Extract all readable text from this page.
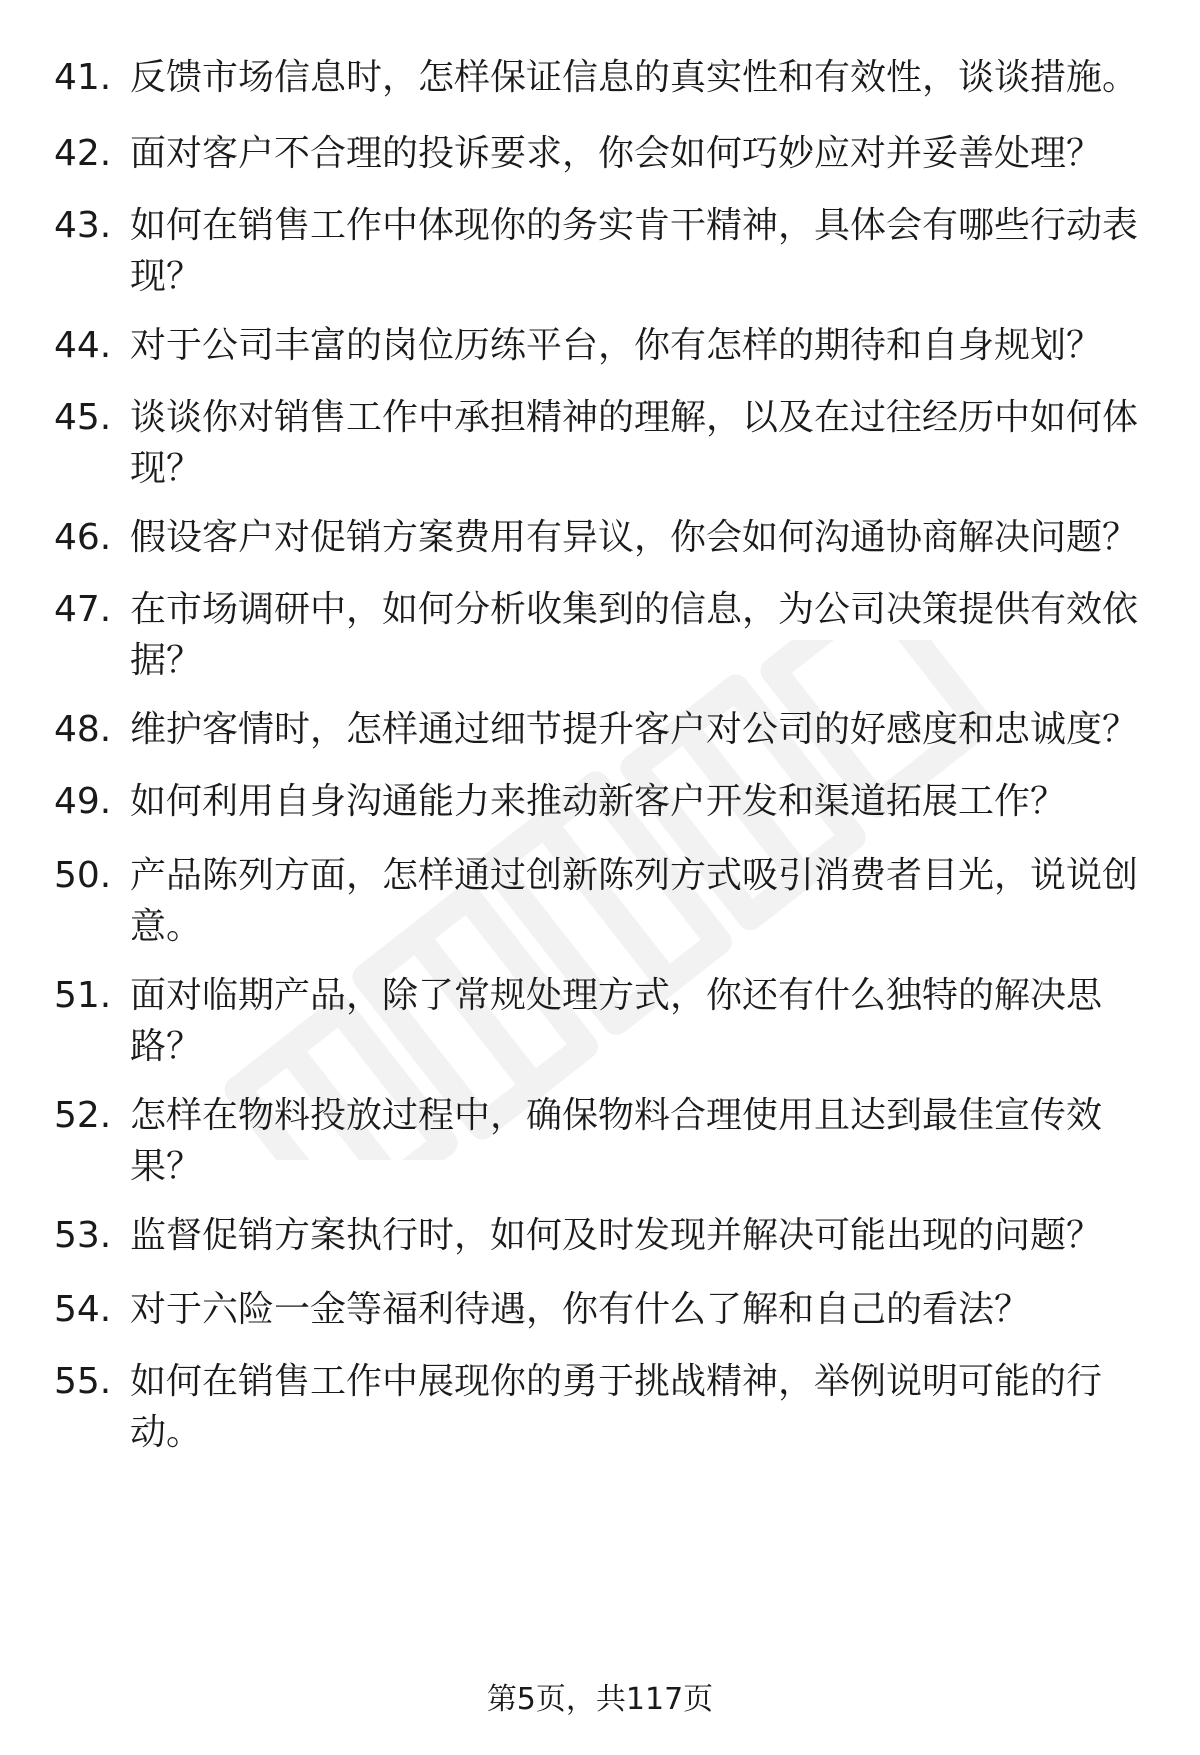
41. 反馈市场信息时，怎样保证信息的真实性和有效性，谈谈措施。
42. 面对客户不合理的投诉要求，你会如何巧妙应对并妥善处理？
43. 如何在销售工作中体现你的务实肯干精神，具体会有哪些行动表现？
44. 对于公司丰富的岗位历练平台，你有怎样的期待和自身规划？
45. 谈谈你对销售工作中承担精神的理解，以及在过往经历中如何体现？
46. 假设客户对促销方案费用有异议，你会如何沟通协商解决问题？
47. 在市场调研中，如何分析收集到的信息，为公司决策提供有效依据？
48. 维护客情时，怎样通过细节提升客户对公司的好感度和忠诚度？
49. 如何利用自身沟通能力来推动新客户开发和渠道拓展工作？
50. 产品陈列方面，怎样通过创新陈列方式吸引消费者目光，说说创意。
51. 面对临期产品，除了常规处理方式，你还有什么独特的解决思路？
52. 怎样在物料投放过程中，确保物料合理使用且达到最佳宣传效果？
53. 监督促销方案执行时，如何及时发现并解决可能出现的问题？
54. 对于六险一金等福利待遇，你有什么了解和自己的看法？
55. 如何在销售工作中展现你的勇于挑战精神，举例说明可能的行动。
第5页，共117页
